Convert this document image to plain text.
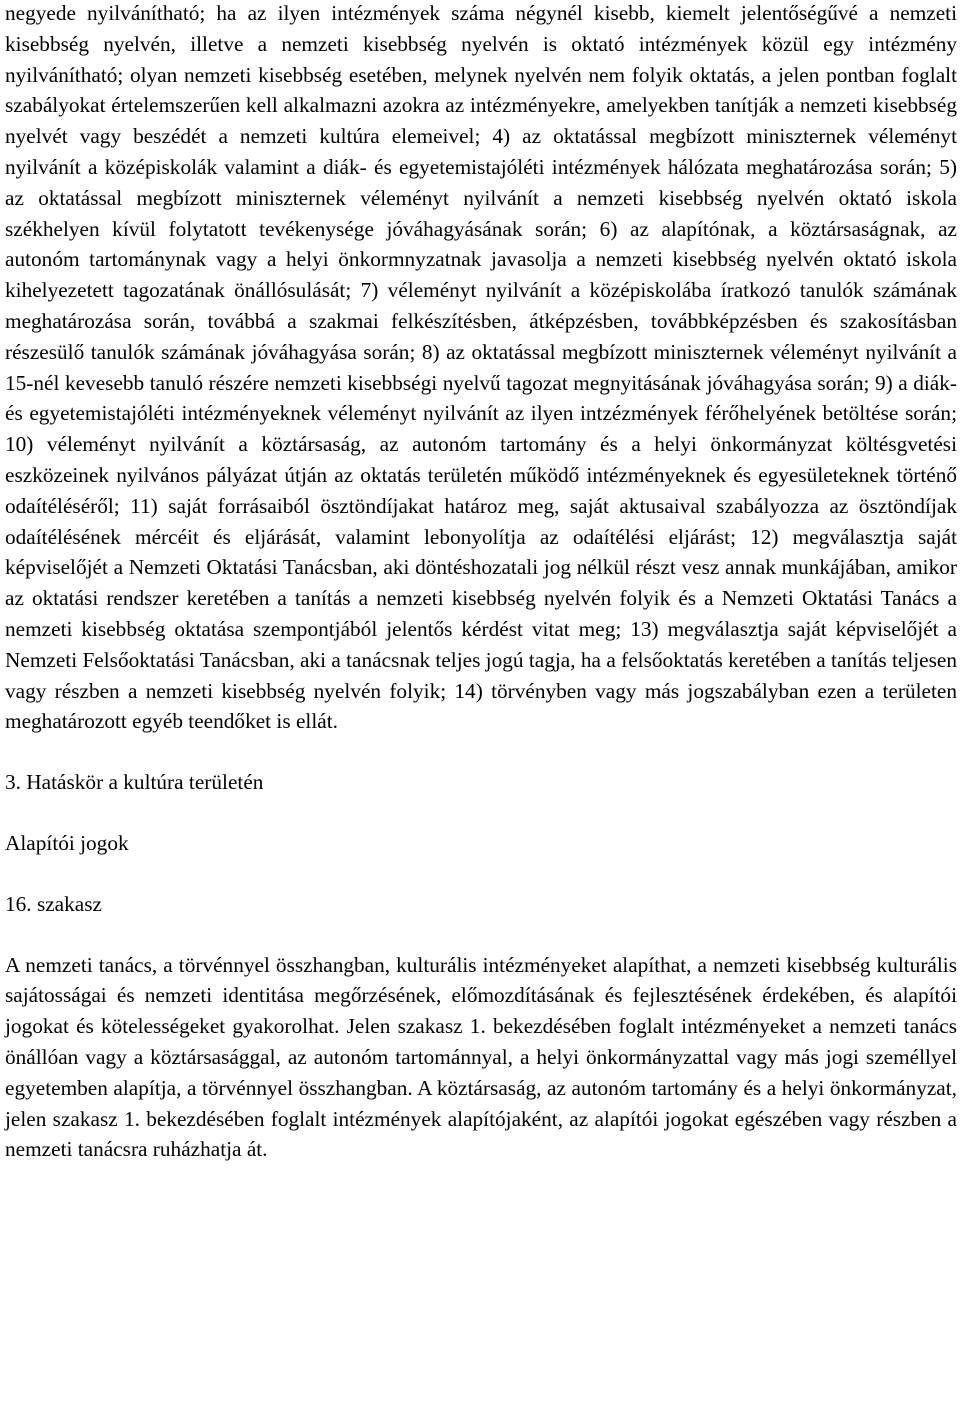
negyede nyilvánítható; ha az ilyen intézmények száma négynél kisebb, kiemelt jelentőségűvé a nemzeti kisebbség nyelvén, illetve a nemzeti kisebbség nyelvén is oktató intézmények közül egy intézmény nyilvánítható; olyan nemzeti kisebbség esetében, melynek nyelvén nem folyik oktatás, a jelen pontban foglalt szabályokat értelemszerűen kell alkalmazni azokra az intézményekre, amelyekben tanítják a nemzeti kisebbség nyelvét vagy beszédét a nemzeti kultúra elemeivel; 4) az oktatással megbízott miniszternek véleményt nyilvánít a középiskolák valamint a diák- és egyetemistajóléti intézmények hálózata meghatározása során; 5) az oktatással megbízott miniszternek véleményt nyilvánít a nemzeti kisebbség nyelvén oktató iskola székhelyen kívül folytatott tevékenysége jóváhagyásának során; 6) az alapítónak, a köztársaságnak, az autonóm tartománynak vagy a helyi önkormnyzatnak javasolja a nemzeti kisebbség nyelvén oktató iskola kihelyezetett tagozatának önállósulását; 7) véleményt nyilvánít a középiskolába íratkozó tanulók számának meghatározása során, továbbá a szakmai felkészítésben, átképzésben, továbbképzésben és szakosításban részesülő tanulók számának jóváhagyása során; 8) az oktatással megbízott miniszternek véleményt nyilvánít a 15-nél kevesebb tanuló részére nemzeti kisebbségi nyelvű tagozat megnyitásának jóváhagyása során; 9) a diák- és egyetemistajóléti intézményeknek véleményt nyilvánít az ilyen intzézmények férőhelyének betöltése során; 10) véleményt nyilvánít a köztársaság, az autonóm tartomány és a helyi önkormányzat költésgvetési eszközeinek nyilvános pályázat útján az oktatás területén működő intézményeknek és egyesületeknek történő odaítéléséről; 11) saját forrásaiból ösztöndíjakat határoz meg, saját aktusaival szabályozza az ösztöndíjak odaítélésének mércéit és eljárását, valamint lebonyolítja az odaítélési eljárást; 12) megválasztja saját képviselőjét a Nemzeti Oktatási Tanácsban, aki döntéshozatali jog nélkül részt vesz annak munkájában, amikor az oktatási rendszer keretében a tanítás a nemzeti kisebbség nyelvén folyik és a Nemzeti Oktatási Tanács a nemzeti kisebbség oktatása szempontjából jelentős kérdést vitat meg; 13) megválasztja saját képviselőjét a Nemzeti Felsőoktatási Tanácsban, aki a tanácsnak teljes jogú tagja, ha a felsőoktatás keretében a tanítás teljesen vagy részben a nemzeti kisebbség nyelvén folyik; 14) törvényben vagy más jogszabályban ezen a területen meghatározott egyéb teendőket is ellát.

3. Hatáskör a kultúra területén

Alapítói jogok

16. szakasz

A nemzeti tanács, a törvénnyel összhangban, kulturális intézményeket alapíthat, a nemzeti kisebbség kulturális sajátosságai és nemzeti identitása megőrzésének, előmozdításának és fejlesztésének érdekében, és alapítói jogokat és kötelességeket gyakorolhat. Jelen szakasz 1. bekezdésében foglalt intézményeket a nemzeti tanács önállóan vagy a köztársasággal, az autonóm tartománnyal, a helyi önkormányzattal vagy más jogi személlyel egyetemben alapítja, a törvénnyel összhangban. A köztársaság, az autonóm tartomány és a helyi önkormányzat, jelen szakasz 1. bekezdésében foglalt intézmények alapítójaként, az alapítói jogokat egészében vagy részben a nemzeti tanácsra ruházhatja át.
